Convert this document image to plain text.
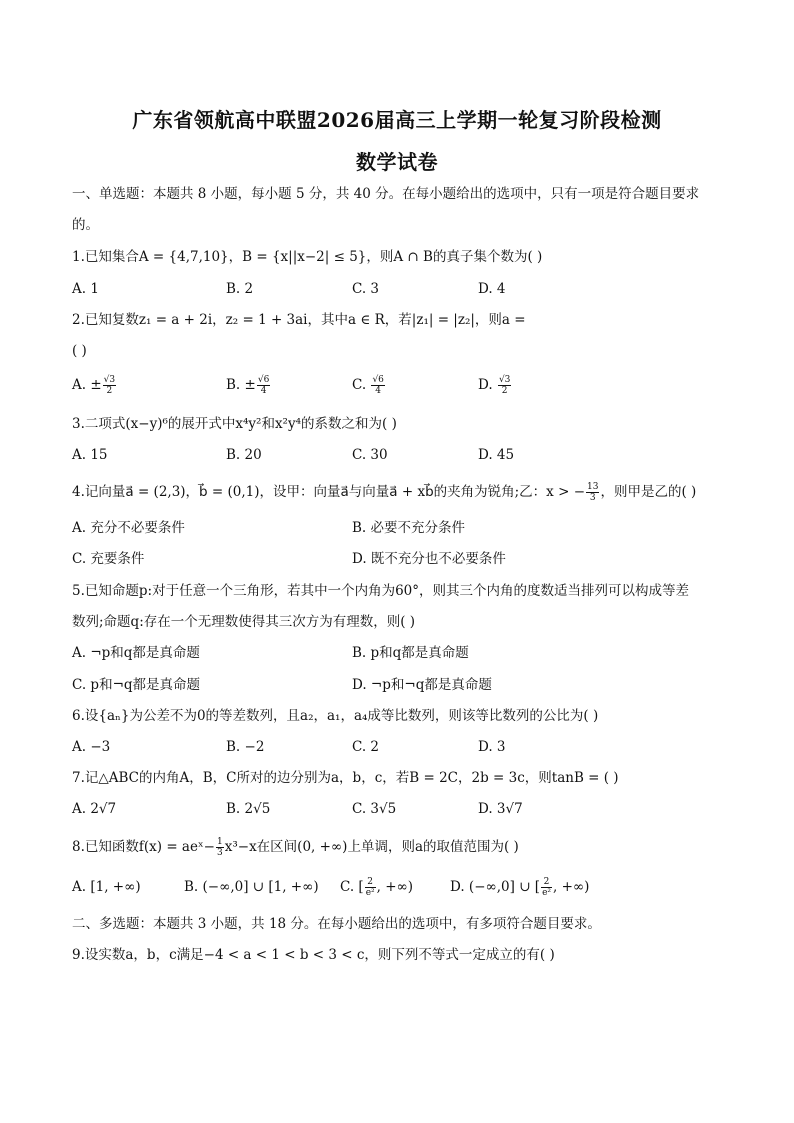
广东省领航高中联盟2026届高三上学期一轮复习阶段检测
数学试卷
一、单选题：本题共 8 小题，每小题 5 分，共 40 分。在每小题给出的选项中，只有一项是符合题目要求
的。
1.已知集合A = {4,7,10}，B = {x||x−2| ≤ 5}，则A ∩ B的真子集个数为( )
A. 1	B. 2	C. 3	D. 4
2.已知复数z₁ = a + 2i，z₂ = 1 + 3ai，其中a ∈ R，若|z₁| = |z₂|，则a =
( )
A. ± $\frac{√3}{2}$	B. ± $\frac{√6}{4}$	C. $\frac{√6}{4}$	D. $\frac{√3}{2}$
3.二项式(x−y)⁶的展开式中x⁴y²和x²y⁴的系数之和为( )
A. 15	B. 20	C. 30	D. 45
4.记向量a⃗ = (2,3)，b⃗ = (0,1)，设甲：向量a⃗与向量a⃗ + xb⃗的夹角为锐角;乙：x > − $\frac{13}{3}$ ，则甲是乙的( )
A. 充分不必要条件	B. 必要不充分条件
C. 充要条件	D. 既不充分也不必要条件
5.已知命题p:对于任意一个三角形，若其中一个内角为60°，则其三个内角的度数适当排列可以构成等差
数列;命题q:存在一个无理数使得其三次方为有理数，则( )
A. ¬p和q都是真命题	B. p和q都是真命题
C. p和¬q都是真命题	D. ¬p和¬q都是真命题
6.设{aₙ}为公差不为0的等差数列，且a₂，a₁，a₄成等比数列，则该等比数列的公比为( )
A. −3	B. −2	C. 2	D. 3
7.记△ABC的内角A，B，C所对的边分别为a，b，c，若B = 2C，2b = 3c，则tanB = ( )
A. 2√7	B. 2√5	C. 3√5	D. 3√7
8.已知函数f(x) = aeˣ− $\frac{1}{3} x^3-x$在区间(0, +∞)上单调，则a的取值范围为( )
A. [1, +∞)	B. (−∞,0] ∪ [1, +∞) C. [ $\frac{2}{\text{e²}}$ , +∞)	D. (−∞,0] ∪ [ $\frac{2}{\text{e²}}$ , +∞)
二、多选题：本题共 3 小题，共 18 分。在每小题给出的选项中，有多项符合题目要求。
9.设实数a，b，c满足−4 < a < 1 < b < 3 < c，则下列不等式一定成立的有( )
